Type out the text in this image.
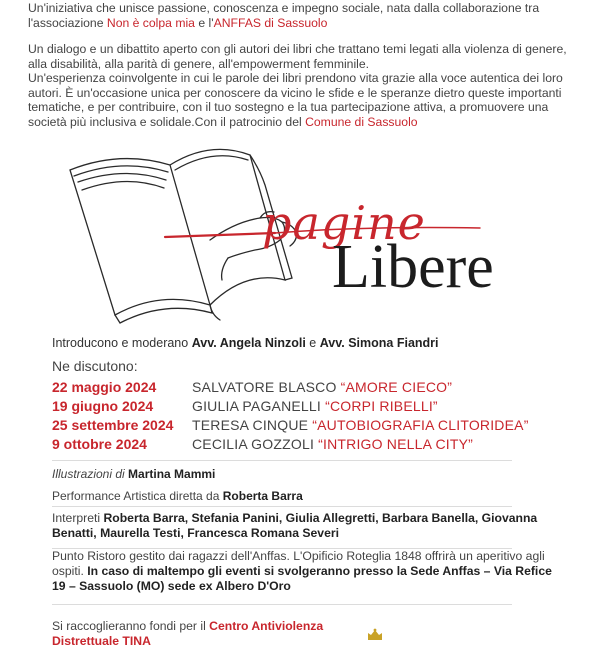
Un'iniziativa che unisce passione, conoscenza e impegno sociale, nata dalla collaborazione tra l'associazione Non è colpa mia e l'ANFFAS di Sassuolo

Un dialogo e un dibattito aperto con gli autori dei libri che trattano temi legati alla violenza di genere, alla disabilità, alla parità di genere, all'empowerment femminile.

Un'esperienza coinvolgente in cui le parole dei libri prendono vita grazie alla voce autentica dei loro autori. È un'occasione unica per conoscere da vicino le sfide e le speranze dietro queste importanti tematiche, e per contribuire, con il tuo sostegno e la tua partecipazione attiva, a promuovere una società più inclusiva e solidale.Con il patrocinio del Comune di Sassuolo

pagine
Libere
Introducono e moderano Avv. Angela Ninzoli e Avv. Simona Fiandri
Ne discutono:
22 maggio 2024	SALVATORE BLASCO “AMORE CIECO”
19 giugno 2024	GIULIA PAGANELLI “CORPI RIBELLI”
25 settembre 2024	TERESA CINQUE “AUTOBIOGRAFIA CLITORIDEA”
9 ottobre 2024	CECILIA GOZZOLI “INTRIGO NELLA CITY”
Illustrazioni di Martina Mammi
Performance Artistica diretta da Roberta Barra
Interpreti Roberta Barra, Stefania Panini, Giulia Allegretti, Barbara Banella, Giovanna Benatti, Maurella Testi, Francesca Romana Severi
Punto Ristoro gestito dai ragazzi dell'Anffas. L'Opificio Roteglia 1848 offrirà un aperitivo agli ospiti. In caso di maltempo gli eventi si svolgeranno presso la Sede Anffas – Via Refice 19 – Sassuolo (MO) sede ex Albero D'Oro
Si raccoglieranno fondi per il Centro Antiviolenza Distrettuale TINA
